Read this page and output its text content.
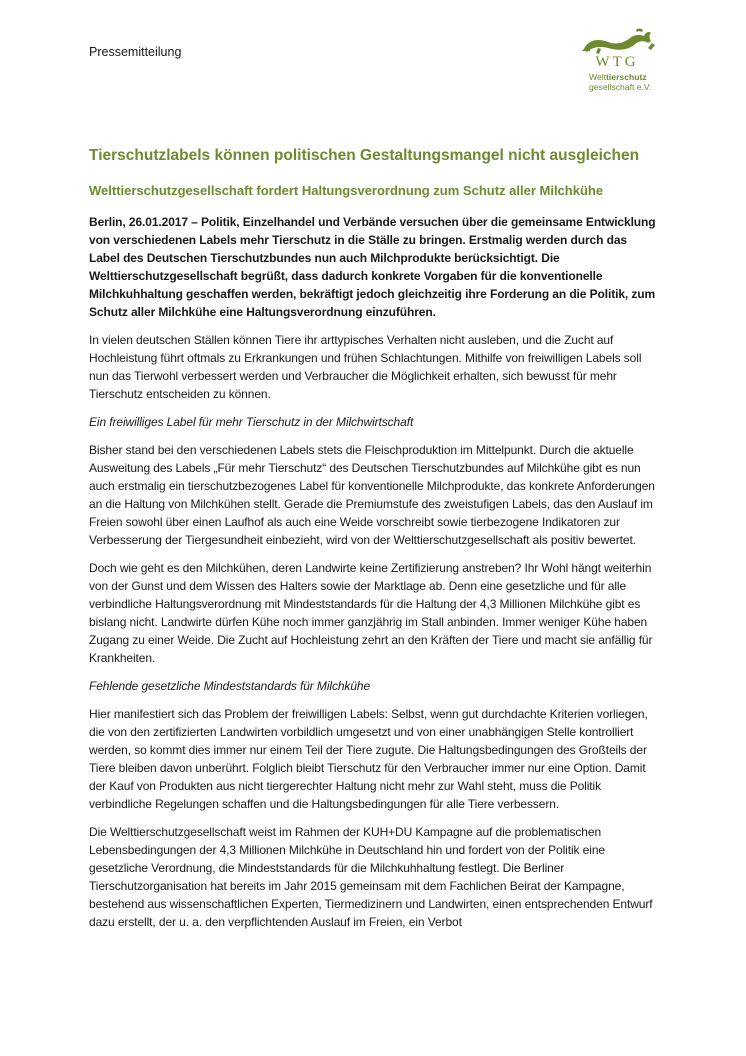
Pressemitteilung
WTG
Welttierschutz
gesellschaft e.V.
Tierschutzlabels können politischen Gestaltungsmangel nicht ausgleichen
Welttierschutzgesellschaft fordert Haltungsverordnung zum Schutz aller Milchkühe

Berlin, 26.01.2017 – Politik, Einzelhandel und Verbände versuchen über die gemeinsame Entwicklung von verschiedenen Labels mehr Tierschutz in die Ställe zu bringen. Erstmalig werden durch das Label des Deutschen Tierschutzbundes nun auch Milchprodukte berücksichtigt. Die Welttierschutzgesellschaft begrüßt, dass dadurch konkrete Vorgaben für die konventionelle Milchkuhhaltung geschaffen werden, bekräftigt jedoch gleichzeitig ihre Forderung an die Politik, zum Schutz aller Milchkühe eine Haltungsverordnung einzuführen.

In vielen deutschen Ställen können Tiere ihr arttypisches Verhalten nicht ausleben, und die Zucht auf Hochleistung führt oftmals zu Erkrankungen und frühen Schlachtungen. Mithilfe von freiwilligen Labels soll nun das Tierwohl verbessert werden und Verbraucher die Möglichkeit erhalten, sich bewusst für mehr Tierschutz entscheiden zu können.

Ein freiwilliges Label für mehr Tierschutz in der Milchwirtschaft

Bisher stand bei den verschiedenen Labels stets die Fleischproduktion im Mittelpunkt. Durch die aktuelle Ausweitung des Labels „Für mehr Tierschutz“ des Deutschen Tierschutzbundes auf Milchkühe gibt es nun auch erstmalig ein tierschutzbezogenes Label für konventionelle Milchprodukte, das konkrete Anforderungen an die Haltung von Milchkühen stellt. Gerade die Premiumstufe des zweistufigen Labels, das den Auslauf im Freien sowohl über einen Laufhof als auch eine Weide vorschreibt sowie tierbezogene Indikatoren zur Verbesserung der Tiergesundheit einbezieht, wird von der Welttierschutzgesellschaft als positiv bewertet.

Doch wie geht es den Milchkühen, deren Landwirte keine Zertifizierung anstreben? Ihr Wohl hängt weiterhin von der Gunst und dem Wissen des Halters sowie der Marktlage ab. Denn eine gesetzliche und für alle verbindliche Haltungsverordnung mit Mindeststandards für die Haltung der 4,3 Millionen Milchkühe gibt es bislang nicht. Landwirte dürfen Kühe noch immer ganzjährig im Stall anbinden. Immer weniger Kühe haben Zugang zu einer Weide. Die Zucht auf Hochleistung zehrt an den Kräften der Tiere und macht sie anfällig für Krankheiten.

Fehlende gesetzliche Mindeststandards für Milchkühe

Hier manifestiert sich das Problem der freiwilligen Labels: Selbst, wenn gut durchdachte Kriterien vorliegen, die von den zertifizierten Landwirten vorbildlich umgesetzt und von einer unabhängigen Stelle kontrolliert werden, so kommt dies immer nur einem Teil der Tiere zugute. Die Haltungsbedingungen des Großteils der Tiere bleiben davon unberührt. Folglich bleibt Tierschutz für den Verbraucher immer nur eine Option. Damit der Kauf von Produkten aus nicht tiergerechter Haltung nicht mehr zur Wahl steht, muss die Politik verbindliche Regelungen schaffen und die Haltungsbedingungen für alle Tiere verbessern.

Die Welttierschutzgesellschaft weist im Rahmen der KUH+DU Kampagne auf die problematischen Lebensbedingungen der 4,3 Millionen Milchkühe in Deutschland hin und fordert von der Politik eine gesetzliche Verordnung, die Mindeststandards für die Milchkuhhaltung festlegt. Die Berliner Tierschutzorganisation hat bereits im Jahr 2015 gemeinsam mit dem Fachlichen Beirat der Kampagne, bestehend aus wissenschaftlichen Experten, Tiermedizinern und Landwirten, einen entsprechenden Entwurf dazu erstellt, der u. a. den verpflichtenden Auslauf im Freien, ein Verbot
